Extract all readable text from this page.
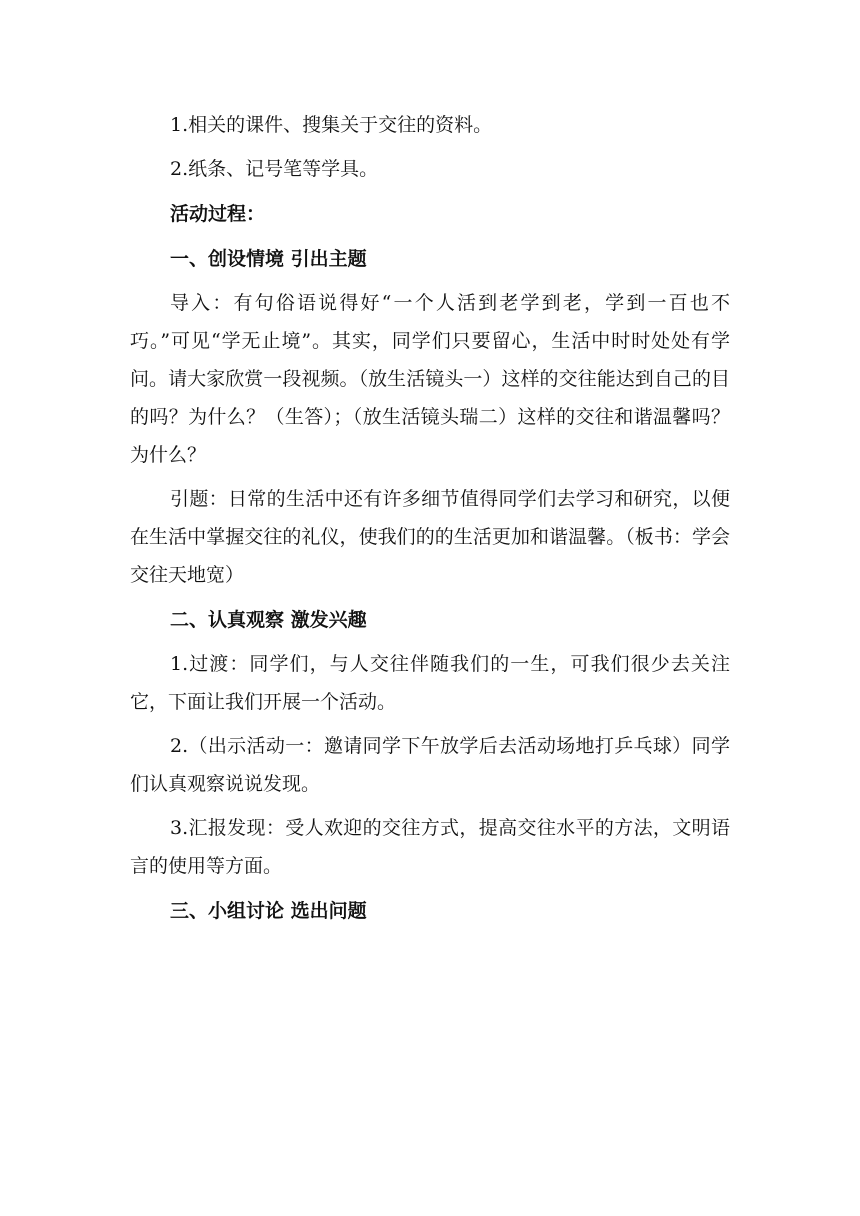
1.相关的课件、搜集关于交往的资料。

2.纸条、记号笔等学具。

活动过程：

一、创设情境 引出主题

导入：有句俗语说得好“一个人活到老学到老，学到一百也不巧。”可见“学无止境”。其实，同学们只要留心，生活中时时处处有学问。请大家欣赏一段视频。（放生活镜头一）这样的交往能达到自己的目的吗？为什么？（生答）；（放生活镜头瑞二）这样的交往和谐温馨吗？为什么？

引题：日常的生活中还有许多细节值得同学们去学习和研究，以便在生活中掌握交往的礼仪，使我们的的生活更加和谐温馨。（板书：学会交往天地宽）

二、认真观察 激发兴趣

1.过渡：同学们，与人交往伴随我们的一生，可我们很少去关注它，下面让我们开展一个活动。

2.（出示活动一：邀请同学下午放学后去活动场地打乒乓球）同学们认真观察说说发现。

3.汇报发现：受人欢迎的交往方式，提高交往水平的方法，文明语言的使用等方面。

三、小组讨论 选出问题
